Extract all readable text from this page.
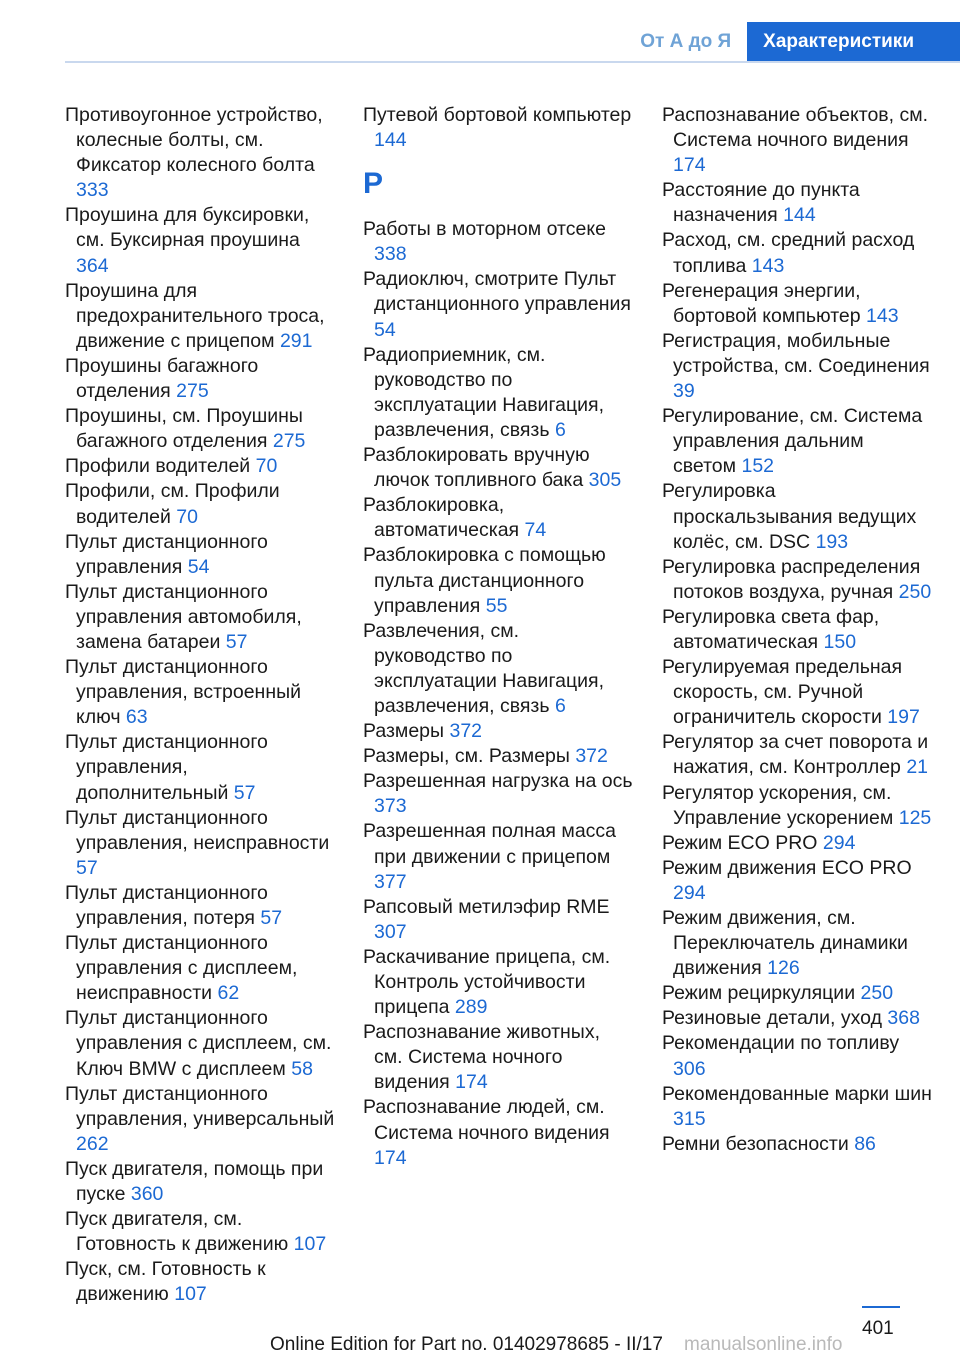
От А до Я	Характеристики
Противоугонное устройство, колесные болты, см. Фиксатор колесного болта 333
Проушина для буксировки, см. Буксирная проушина 364
Проушина для предохранительного троса, движение с прицепом 291
Проушины багажного отделения 275
Проушины, см. Проушины багажного отделения 275
Профили водителей 70
Профили, см. Профили водителей 70
Пульт дистанционного управления 54
Пульт дистанционного управления автомобиля, замена батареи 57
Пульт дистанционного управления, встроенный ключ 63
Пульт дистанционного управления, дополнительный 57
Пульт дистанционного управления, неисправности 57
Пульт дистанционного управления, потеря 57
Пульт дистанционного управления с дисплеем, неисправности 62
Пульт дистанционного управления с дисплеем, см. Ключ BMW с дисплеем 58
Пульт дистанционного управления, универсальный 262
Пуск двигателя, помощь при пуске 360
Пуск двигателя, см. Готовность к движению 107
Пуск, см. Готовность к движению 107
Путевой бортовой компьютер 144
Р
Работы в моторном отсеке 338
Радиоключ, смотрите Пульт дистанционного управления 54
Радиоприемник, см. руководство по эксплуатации Навигация, развлечения, связь 6
Разблокировать вручную лючок топливного бака 305
Разблокировка, автоматическая 74
Разблокировка с помощью пульта дистанционного управления 55
Развлечения, см. руководство по эксплуатации Навигация, развлечения, связь 6
Размеры 372
Размеры, см. Размеры 372
Разрешенная нагрузка на ось 373
Разрешенная полная масса при движении с прицепом 377
Рапсовый метилэфир RME 307
Раскачивание прицепа, см. Контроль устойчивости прицепа 289
Распознавание животных, см. Система ночного видения 174
Распознавание людей, см. Система ночного видения 174
Распознавание объектов, см. Система ночного видения 174
Расстояние до пункта назначения 144
Расход, см. средний расход топлива 143
Регенерация энергии, бортовой компьютер 143
Регистрация, мобильные устройства, см. Соединения 39
Регулирование, см. Система управления дальним светом 152
Регулировка проскальзывания ведущих колёс, см. DSC 193
Регулировка распределения потоков воздуха, ручная 250
Регулировка света фар, автоматическая 150
Регулируемая предельная скорость, см. Ручной ограничитель скорости 197
Регулятор за счет поворота и нажатия, см. Контроллер 21
Регулятор ускорения, см. Управление ускорением 125
Режим ECO PRO 294
Режим движения ECO PRO 294
Режим движения, см. Переключатель динамики движения 126
Режим рециркуляции 250
Резиновые детали, уход 368
Рекомендации по топливу 306
Рекомендованные марки шин 315
Ремни безопасности 86
401
Online Edition for Part no. 01402978685 - II/17 manualsonline.info
